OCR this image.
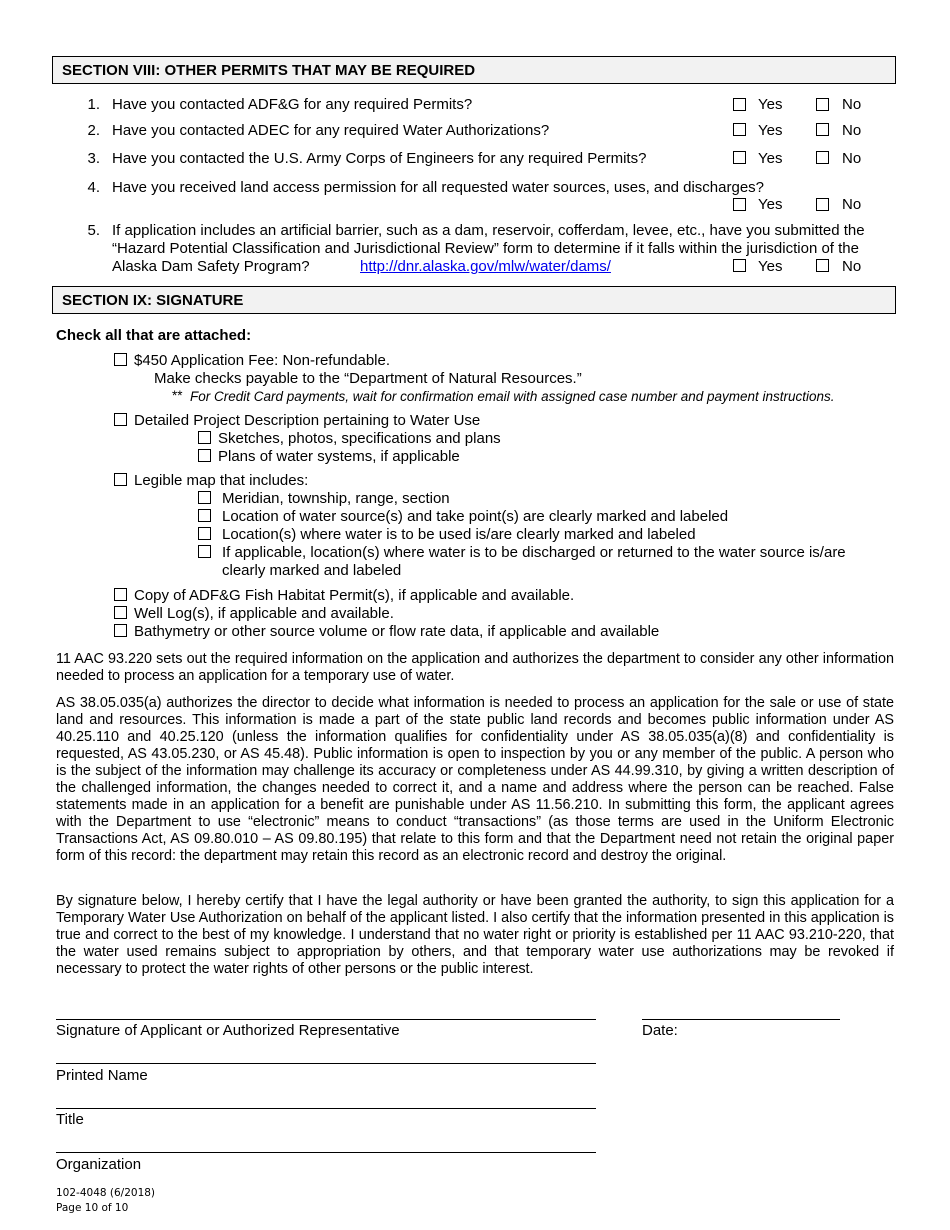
SECTION VIII: OTHER PERMITS THAT MAY BE REQUIRED
1. Have you contacted ADF&G for any required Permits?	Yes	No
2. Have you contacted ADEC for any required Water Authorizations?	Yes	No
3. Have you contacted the U.S. Army Corps of Engineers for any required Permits?	Yes	No
4. Have you received land access permission for all requested water sources, uses, and discharges?
Yes	No
5. If application includes an artificial barrier, such as a dam, reservoir, cofferdam, levee, etc., have you submitted the
“Hazard Potential Classification and Jurisdictional Review” form to determine if it falls within the jurisdiction of the
Alaska Dam Safety Program?	http://dnr.alaska.gov/mlw/water/dams/	Yes	No
SECTION IX: SIGNATURE
Check all that are attached:
$450 Application Fee: Non-refundable.
Make checks payable to the “Department of Natural Resources.”
** For Credit Card payments, wait for confirmation email with assigned case number and payment instructions.
Detailed Project Description pertaining to Water Use
Sketches, photos, specifications and plans
Plans of water systems, if applicable
Legible map that includes:
Meridian, township, range, section
Location of water source(s) and take point(s) are clearly marked and labeled
Location(s) where water is to be used is/are clearly marked and labeled
If applicable, location(s) where water is to be discharged or returned to the water source is/are
clearly marked and labeled
Copy of ADF&G Fish Habitat Permit(s), if applicable and available.
Well Log(s), if applicable and available.
Bathymetry or other source volume or flow rate data, if applicable and available
11 AAC 93.220 sets out the required information on the application and authorizes the department to consider any other information needed to process an application for a temporary use of water.
AS 38.05.035(a) authorizes the director to decide what information is needed to process an application for the sale or use of state land and resources. This information is made a part of the state public land records and becomes public information under AS 40.25.110 and 40.25.120 (unless the information qualifies for confidentiality under AS 38.05.035(a)(8) and confidentiality is requested, AS 43.05.230, or AS 45.48). Public information is open to inspection by you or any member of the public. A person who is the subject of the information may challenge its accuracy or completeness under AS 44.99.310, by giving a written description of the challenged information, the changes needed to correct it, and a name and address where the person can be reached. False statements made in an application for a benefit are punishable under AS 11.56.210. In submitting this form, the applicant agrees with the Department to use “electronic” means to conduct “transactions” (as those terms are used in the Uniform Electronic Transactions Act, AS 09.80.010 – AS 09.80.195) that relate to this form and that the Department need not retain the original paper form of this record: the department may retain this record as an electronic record and destroy the original.
By signature below, I hereby certify that I have the legal authority or have been granted the authority, to sign this application for a Temporary Water Use Authorization on behalf of the applicant listed. I also certify that the information presented in this application is true and correct to the best of my knowledge. I understand that no water right or priority is established per 11 AAC 93.210-220, that the water used remains subject to appropriation by others, and that temporary water use authorizations may be revoked if necessary to protect the water rights of other persons or the public interest.
Signature of Applicant or Authorized Representative	Date:
Printed Name
Title
Organization
102-4048 (6/2018)
Page 10 of 10
